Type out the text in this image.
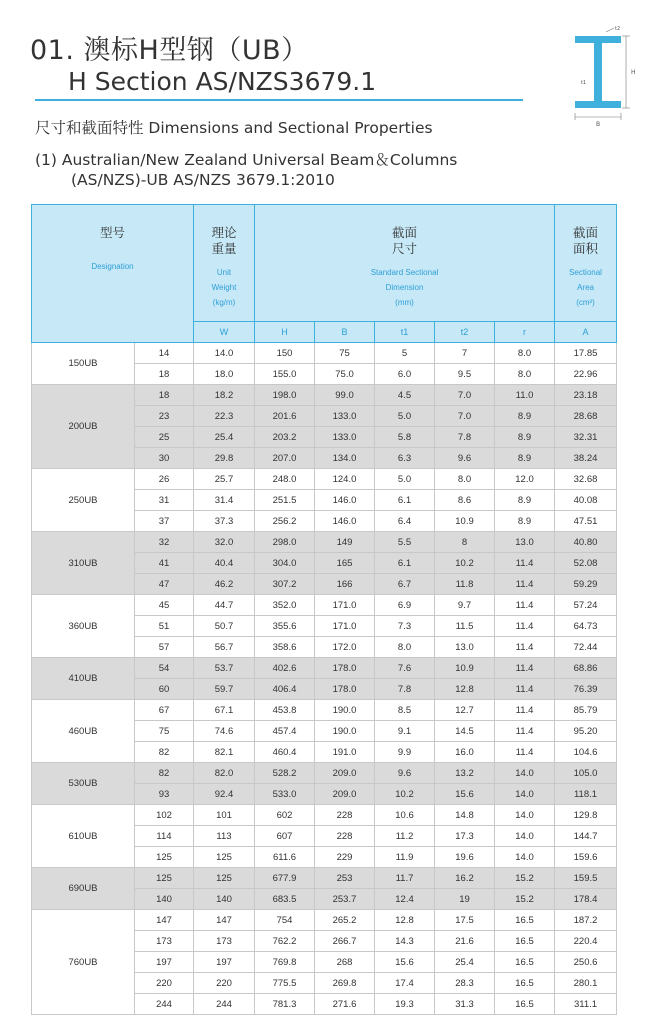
01. 澳标H型钢（UB）
H Section AS/NZS3679.1
t2
H
t1
B
尺寸和截面特性 Dimensions and Sectional Properties
(1) Australian/New Zealand Universal Beam＆Columns
(AS/NZS)-UB AS/NZS 3679.1:2010
型号
Designation		理论
重量
Unit
Weight
(kg/m)	截面
尺寸
Standard Sectional
Dimension
(mm)					截面
面积
Sectional
Area
(cm²)

		W	H	B	t1	t2	r	A
150UB	14	14.0	150	75	5	7	8.0	17.85
	18	18.0	155.0	75.0	6.0	9.5	8.0	22.96
200UB	18	18.2	198.0	99.0	4.5	7.0	11.0	23.18
	23	22.3	201.6	133.0	5.0	7.0	8.9	28.68
	25	25.4	203.2	133.0	5.8	7.8	8.9	32.31
	30	29.8	207.0	134.0	6.3	9.6	8.9	38.24
250UB	26	25.7	248.0	124.0	5.0	8.0	12.0	32.68
	31	31.4	251.5	146.0	6.1	8.6	8.9	40.08
	37	37.3	256.2	146.0	6.4	10.9	8.9	47.51
310UB	32	32.0	298.0	149	5.5	8	13.0	40.80
	41	40.4	304.0	165	6.1	10.2	11.4	52.08
	47	46.2	307.2	166	6.7	11.8	11.4	59.29
360UB	45	44.7	352.0	171.0	6.9	9.7	11.4	57.24
	51	50.7	355.6	171.0	7.3	11.5	11.4	64.73
	57	56.7	358.6	172.0	8.0	13.0	11.4	72.44
410UB	54	53.7	402.6	178.0	7.6	10.9	11.4	68.86
	60	59.7	406.4	178.0	7.8	12.8	11.4	76.39
460UB	67	67.1	453.8	190.0	8.5	12.7	11.4	85.79
	75	74.6	457.4	190.0	9.1	14.5	11.4	95.20
	82	82.1	460.4	191.0	9.9	16.0	11.4	104.6
530UB	82	82.0	528.2	209.0	9.6	13.2	14.0	105.0
	93	92.4	533.0	209.0	10.2	15.6	14.0	118.1
610UB	102	101	602	228	10.6	14.8	14.0	129.8
	114	113	607	228	11.2	17.3	14.0	144.7
	125	125	611.6	229	11.9	19.6	14.0	159.6
690UB	125	125	677.9	253	11.7	16.2	15.2	159.5
	140	140	683.5	253.7	12.4	19	15.2	178.4
760UB	147	147	754	265.2	12.8	17.5	16.5	187.2
	173	173	762.2	266.7	14.3	21.6	16.5	220.4
	197	197	769.8	268	15.6	25.4	16.5	250.6
	220	220	775.5	269.8	17.4	28.3	16.5	280.1
	244	244	781.3	271.6	19.3	31.3	16.5	311.1
